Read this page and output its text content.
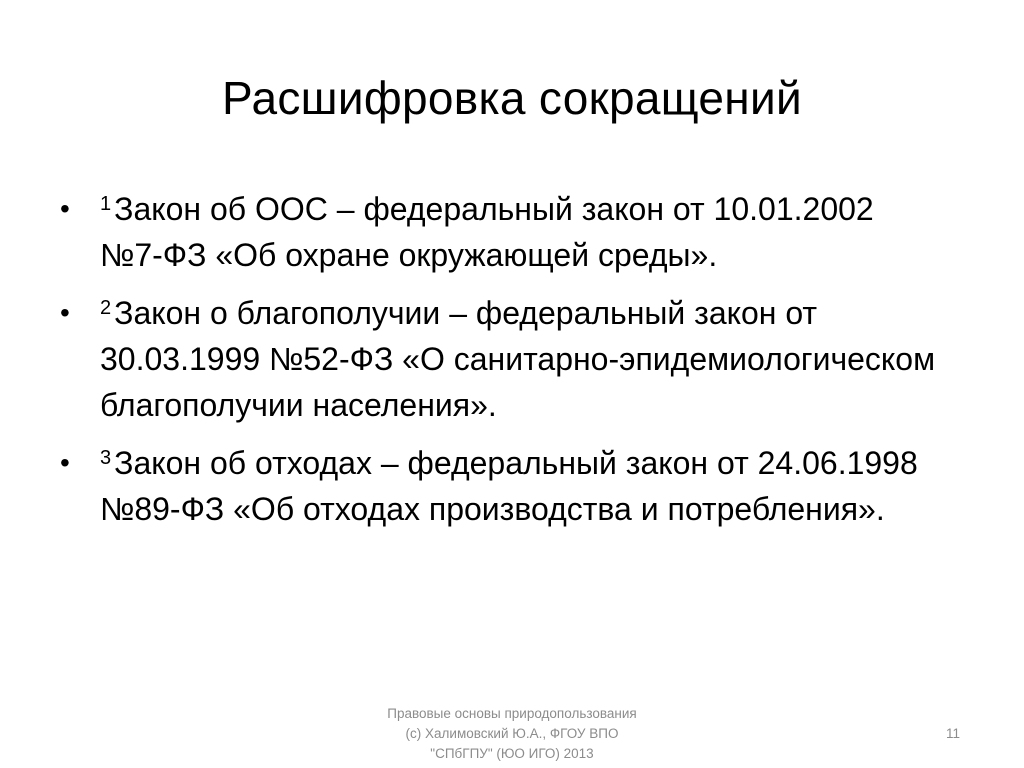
Расшифровка сокращений
• $^1$Закон об ООС – федеральный закон от 10.01.2002 №7-ФЗ «Об охране окружающей среды».
• $^2$Закон о благополучии – федеральный закон от 30.03.1999 №52-ФЗ «О санитарно-эпидемиологическом благополучии населения».
• $^3$Закон об отходах – федеральный закон от 24.06.1998 №89-ФЗ «Об отходах производства и потребления».
Правовые основы природопользования
(с) Халимовский Ю.А., ФГОУ ВПО
"СПбГПУ" (ЮО ИГО) 2013
11
